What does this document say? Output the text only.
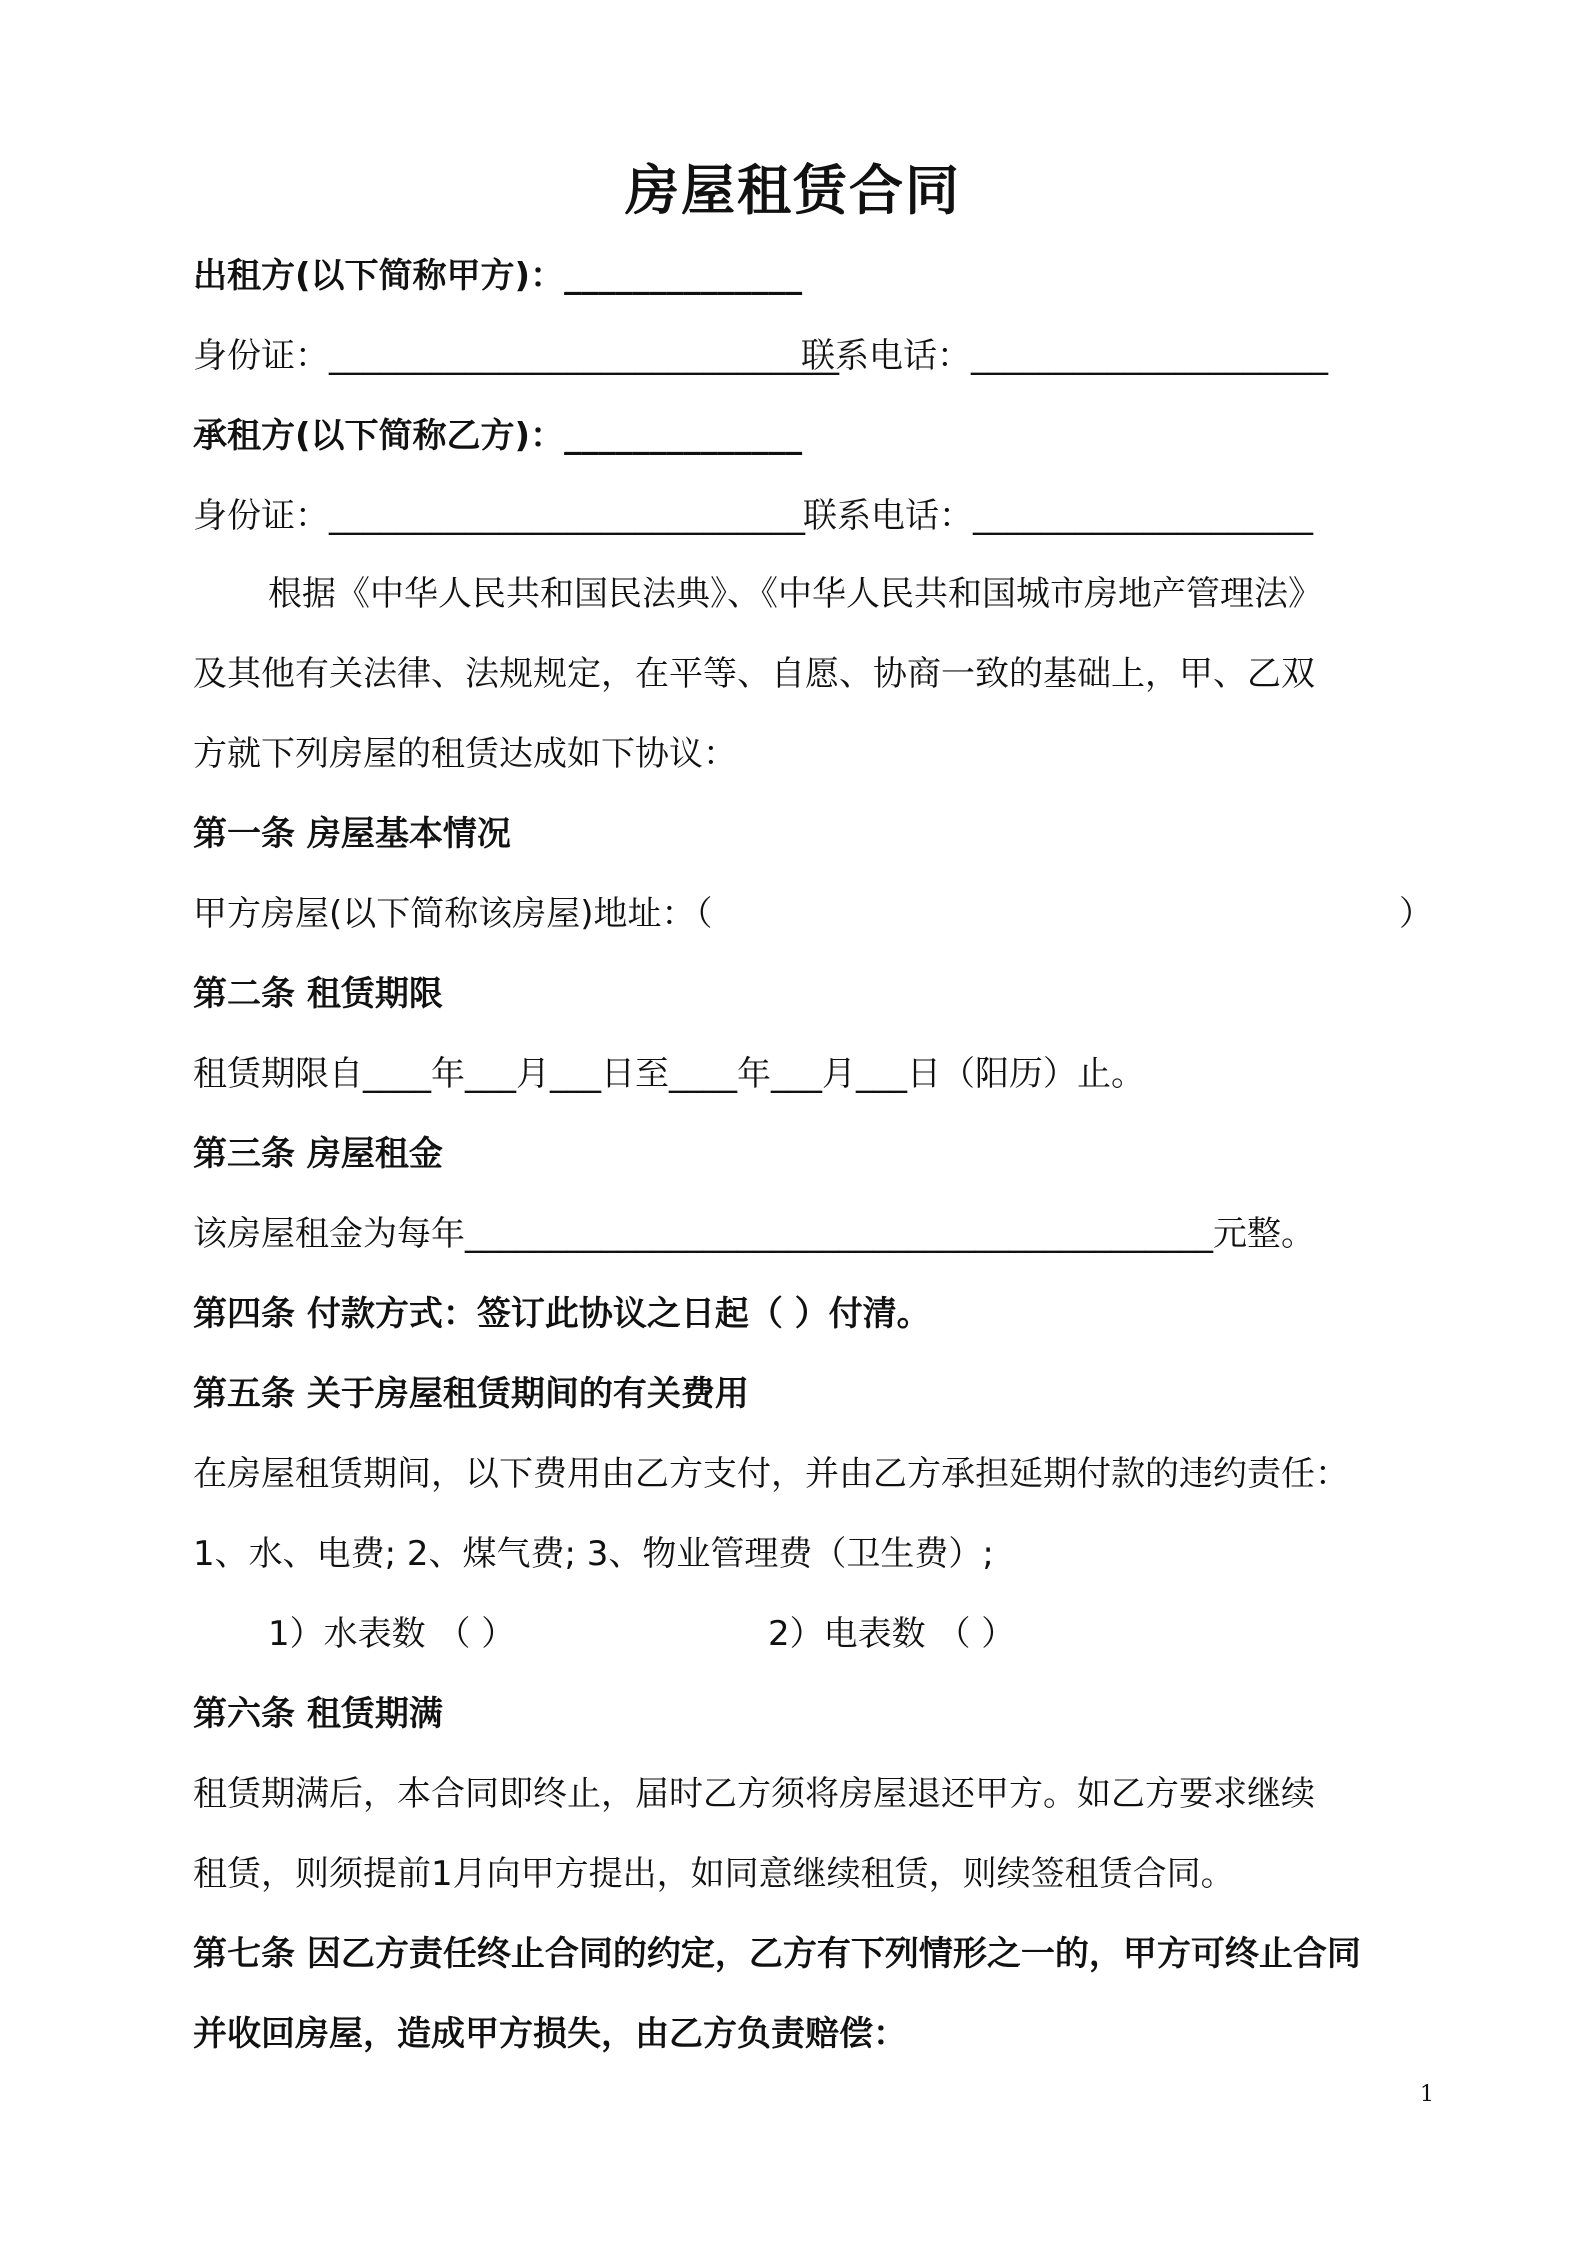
房屋租赁合同
出租方(以下简称甲方)：______________
身份证：______________________________
联系电话：_____________________
承租方(以下简称乙方)：______________
身份证：____________________________
联系电话：____________________
根据《中华人民共和国民法典》、《中华人民共和国城市房地产管理法》
及其他有关法律、法规规定，在平等、自愿、协商一致的基础上，甲、乙双
方就下列房屋的租赁达成如下协议：
第一条 房屋基本情况
甲方房屋(以下简称该房屋)地址：（	）
第二条 租赁期限
租赁期限自____年___月___日至____年___月___日（阳历）止。
第三条 房屋租金
该房屋租金为每年____________________________________________元整。
第四条 付款方式：签订此协议之日起（ ）付清。
第五条 关于房屋租赁期间的有关费用
在房屋租赁期间，以下费用由乙方支付，并由乙方承担延期付款的违约责任：
1、水、电费; 2、煤气费; 3、物业管理费（卫生费）;
1）水表数 （ ）	2）电表数 （ ）
第六条 租赁期满
租赁期满后，本合同即终止，届时乙方须将房屋退还甲方。如乙方要求继续
租赁，则须提前1月向甲方提出，如同意继续租赁，则续签租赁合同。
第七条 因乙方责任终止合同的约定，乙方有下列情形之一的，甲方可终止合同
并收回房屋，造成甲方损失，由乙方负责赔偿：
1
